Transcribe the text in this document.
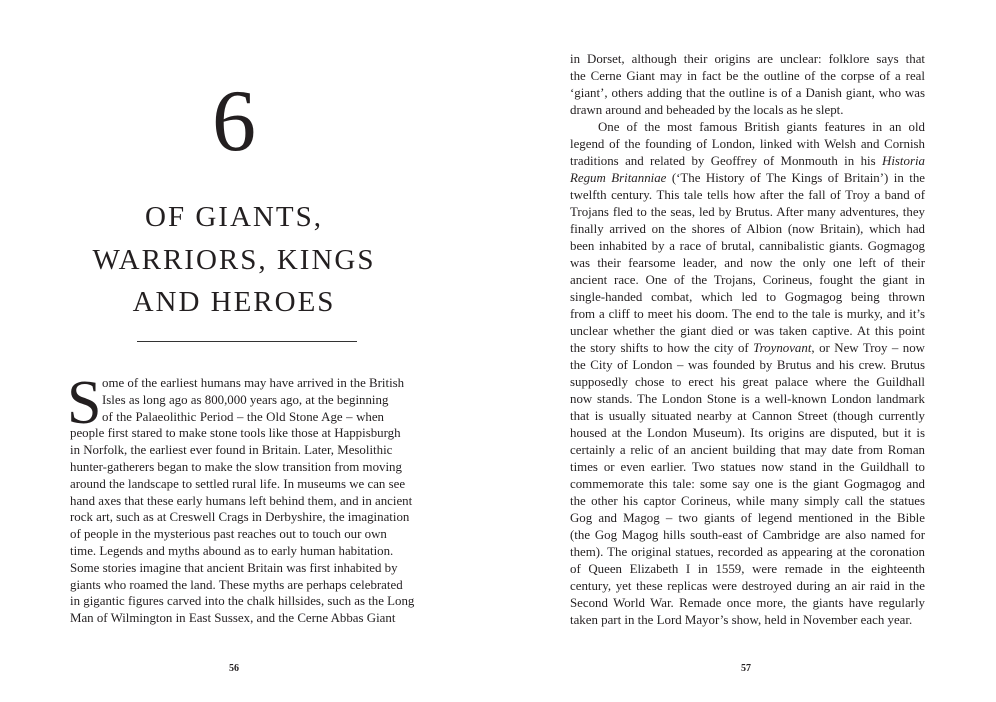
6
OF GIANTS,
WARRIORS, KINGS
AND HEROES
S ome of the earliest humans may have arrived in the British
Isles as long ago as 800,000 years ago, at the beginning
of the Palaeolithic Period – the Old Stone Age – when
people first stared to make stone tools like those at Happisburgh
in Norfolk, the earliest ever found in Britain. Later, Mesolithic
hunter-gatherers began to make the slow transition from moving
around the landscape to settled rural life. In museums we can see
hand axes that these early humans left behind them, and in ancient
rock art, such as at Creswell Crags in Derbyshire, the imagination
of people in the mysterious past reaches out to touch our own
time. Legends and myths abound as to early human habitation.
Some stories imagine that ancient Britain was first inhabited by
giants who roamed the land. These myths are perhaps celebrated
in gigantic figures carved into the chalk hillsides, such as the Long
Man of Wilmington in East Sussex, and the Cerne Abbas Giant
56
in Dorset, although their origins are unclear: folklore says that
the Cerne Giant may in fact be the outline of the corpse of a real
‘giant’, others adding that the outline is of a Danish giant, who was
drawn around and beheaded by the locals as he slept.
One of the most famous British giants features in an old
legend of the founding of London, linked with Welsh and Cornish
traditions and related by Geoffrey of Monmouth in his Historia
Regum Britanniae (‘The History of The Kings of Britain’) in the
twelfth century. This tale tells how after the fall of Troy a band of
Trojans fled to the seas, led by Brutus. After many adventures, they
finally arrived on the shores of Albion (now Britain), which had
been inhabited by a race of brutal, cannibalistic giants. Gogmagog
was their fearsome leader, and now the only one left of their
ancient race. One of the Trojans, Corineus, fought the giant in
single-handed combat, which led to Gogmagog being thrown
from a cliff to meet his doom. The end to the tale is murky, and it’s
unclear whether the giant died or was taken captive. At this point
the story shifts to how the city of Troynovant, or New Troy – now
the City of London – was founded by Brutus and his crew. Brutus
supposedly chose to erect his great palace where the Guildhall
now stands. The London Stone is a well-known London landmark
that is usually situated nearby at Cannon Street (though currently
housed at the London Museum). Its origins are disputed, but it is
certainly a relic of an ancient building that may date from Roman
times or even earlier. Two statues now stand in the Guildhall to
commemorate this tale: some say one is the giant Gogmagog and
the other his captor Corineus, while many simply call the statues
Gog and Magog – two giants of legend mentioned in the Bible
(the Gog Magog hills south-east of Cambridge are also named for
them). The original statues, recorded as appearing at the coronation
of Queen Elizabeth I in 1559, were remade in the eighteenth
century, yet these replicas were destroyed during an air raid in the
Second World War. Remade once more, the giants have regularly
taken part in the Lord Mayor’s show, held in November each year.
57
